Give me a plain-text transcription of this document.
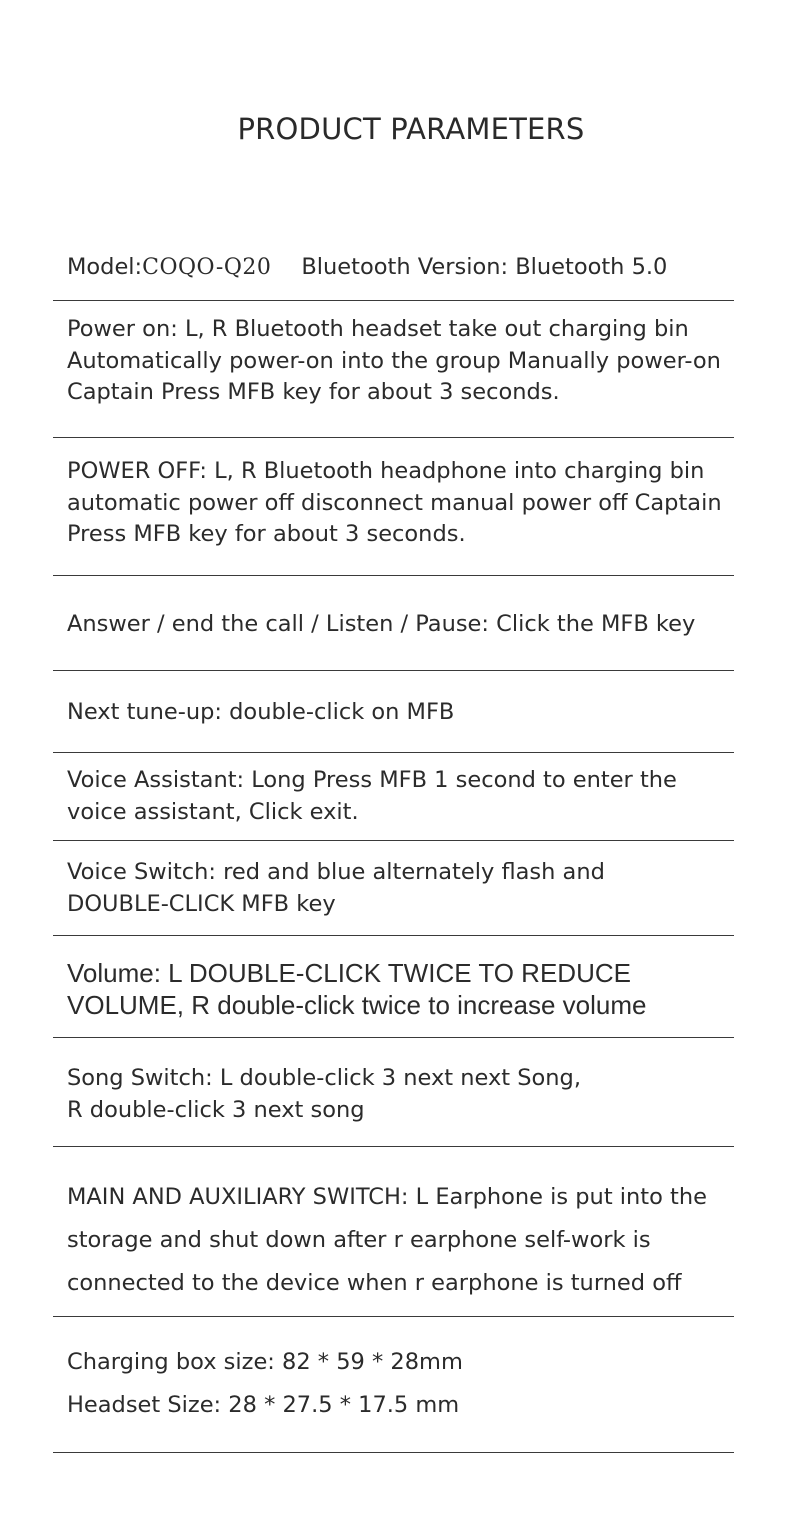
PRODUCT PARAMETERS
Model:COQO-Q20 Bluetooth Version: Bluetooth 5.0
Power on: L, R Bluetooth headset take out charging bin
Automatically power-on into the group Manually power-on
Captain Press MFB key for about 3 seconds.
POWER OFF: L, R Bluetooth headphone into charging bin
automatic power off disconnect manual power off Captain
Press MFB key for about 3 seconds.
Answer / end the call / Listen / Pause: Click the MFB key
Next tune-up: double-click on MFB
Voice Assistant: Long Press MFB 1 second to enter the
voice assistant, Click exit.
Voice Switch: red and blue alternately flash and
DOUBLE-CLICK MFB key
Volume: L DOUBLE-CLICK TWICE TO REDUCE
VOLUME, R double-click twice to increase volume
Song Switch: L double-click 3 next next Song,
R double-click 3 next song
MAIN AND AUXILIARY SWITCH: L Earphone is put into the
storage and shut down after r earphone self-work is
connected to the device when r earphone is turned off
Charging box size: 82 * 59 * 28mm
Headset Size: 28 * 27.5 * 17.5 mm
